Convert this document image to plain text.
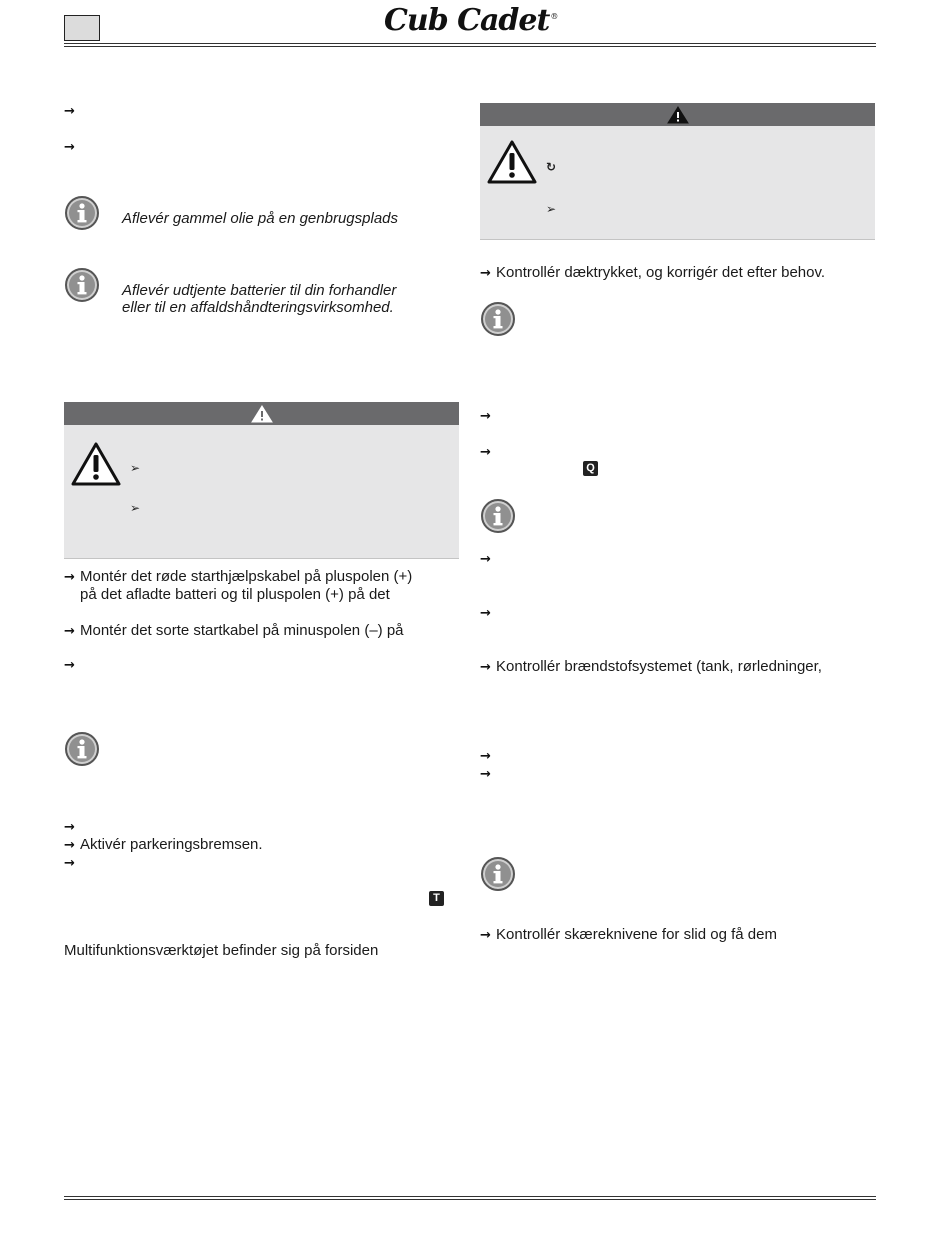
Cub Cadet®
→
→
Aflevér gammel olie på en genbrugsplads
Aflevér udtjente batterier til din forhandler
eller til en affaldshåndteringsvirksomhed.
➢
➢
→ Montér det røde starthjælpskabel på pluspolen (+)
på det afladte batteri og til pluspolen (+) på det
→ Montér det sorte startkabel på minuspolen (–) på
→
→
→ Aktivér parkeringsbremsen.
→
T
Multifunktionsværktøjet befinder sig på forsiden
↻
➢
→ Kontrollér dæktrykket, og korrigér det efter behov.
→
→
Q
→
→
→ Kontrollér brændstofsystemet (tank, rørledninger,
→
→
→ Kontrollér skæreknivene for slid og få dem
